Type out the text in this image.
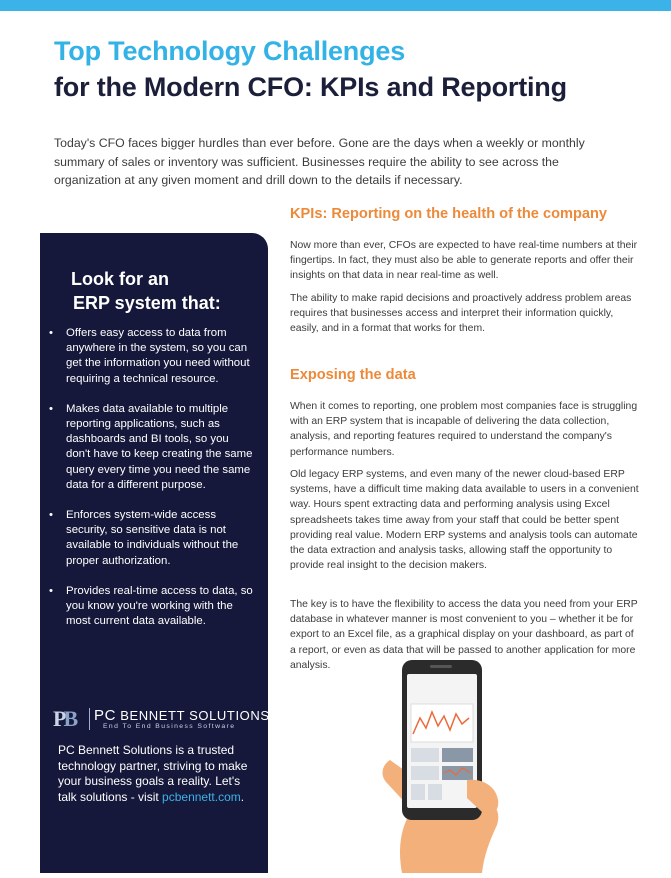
Top Technology Challenges
for the Modern CFO: KPIs and Reporting

Today's CFO faces bigger hurdles than ever before. Gone are the days when a weekly or monthly summary of sales or inventory was sufficient. Businesses require the ability to see across the organization at any given moment and drill down to the details if necessary.

Look for an
ERP system that:
• Offers easy access to data from anywhere in the system, so you can get the information you need without requiring a technical resource.
• Makes data available to multiple reporting applications, such as dashboards and BI tools, so you don't have to keep creating the same query every time you need the same data for a different purpose.
• Enforces system-wide access security, so sensitive data is not available to individuals without the proper authorization.
• Provides real-time access to data, so you know you're working with the most current data available.
PB PC BENNETT SOLUTIONS
End To End Business Software

PC Bennett Solutions is a trusted technology partner, striving to make your business goals a reality. Let's talk solutions - visit pcbennett.com.

KPIs: Reporting on the health of the company

Now more than ever, CFOs are expected to have real-time numbers at their fingertips. In fact, they must also be able to generate reports and offer their insights on that data in near real-time as well.

The ability to make rapid decisions and proactively address problem areas requires that businesses access and interpret their information quickly, easily, and in a format that works for them.

Exposing the data

When it comes to reporting, one problem most companies face is struggling with an ERP system that is incapable of delivering the data collection, analysis, and reporting features required to understand the company's performance numbers.

Old legacy ERP systems, and even many of the newer cloud-based ERP systems, have a difficult time making data available to users in a convenient way. Hours spent extracting data and performing analysis using Excel spreadsheets takes time away from your staff that could be better spent providing real value. Modern ERP systems and analysis tools can automate the data extraction and analysis tasks, allowing staff the opportunity to provide real insight to the decision makers.

The key is to have the flexibility to access the data you need from your ERP database in whatever manner is most convenient to you – whether it be for export to an Excel file, as a graphical display on your dashboard, as part of a report, or even as data that will be passed to another application for more analysis.
